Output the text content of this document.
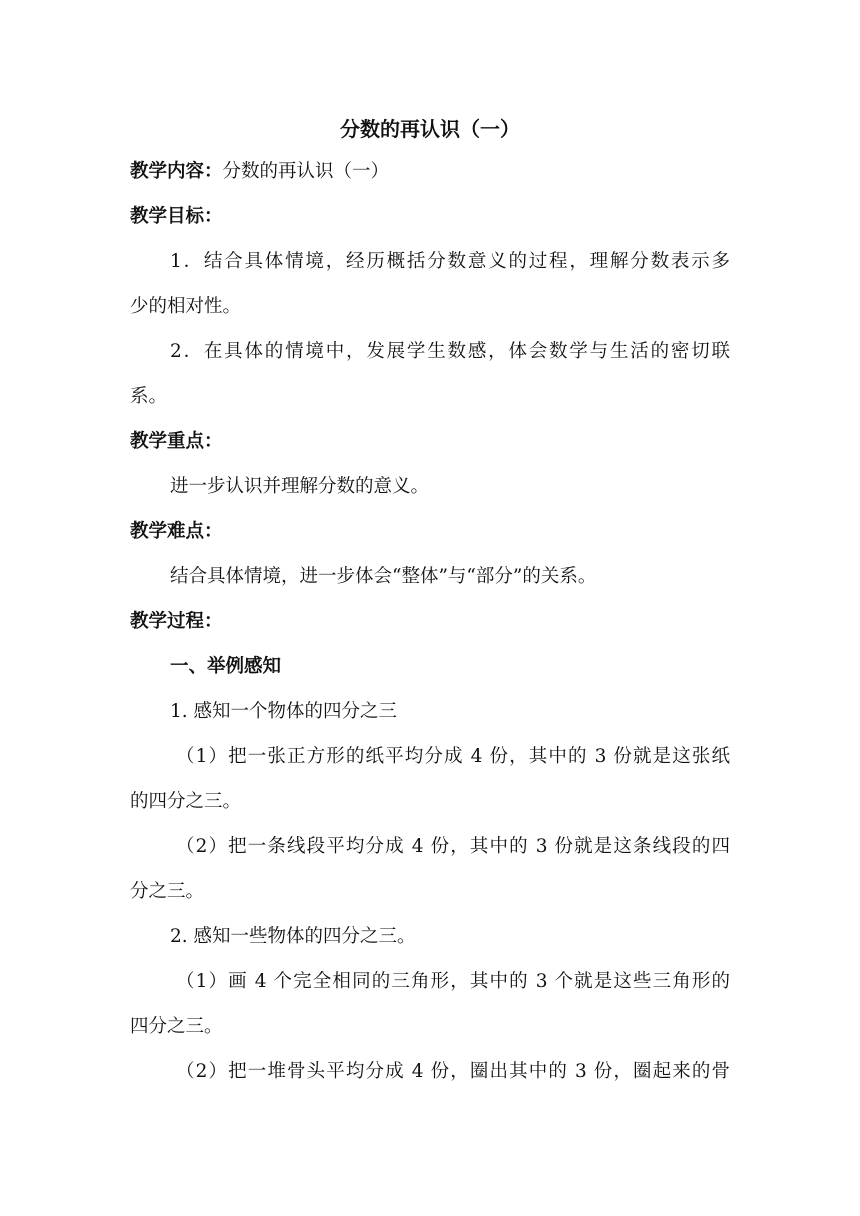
分数的再认识（一）
教学内容：分数的再认识（一）
教学目标：
1．结合具体情境，经历概括分数意义的过程，理解分数表示多
少的相对性。
2．在具体的情境中，发展学生数感，体会数学与生活的密切联
系。
教学重点：
进一步认识并理解分数的意义。
教学难点：
结合具体情境，进一步体会“整体”与“部分”的关系。
教学过程：
一、举例感知
1. 感知一个物体的四分之三
（1）把一张正方形的纸平均分成 4 份，其中的 3 份就是这张纸
的四分之三。
（2）把一条线段平均分成 4 份，其中的 3 份就是这条线段的四
分之三。
2. 感知一些物体的四分之三。
（1）画 4 个完全相同的三角形，其中的 3 个就是这些三角形的
四分之三。
（2）把一堆骨头平均分成 4 份，圈出其中的 3 份，圈起来的骨
